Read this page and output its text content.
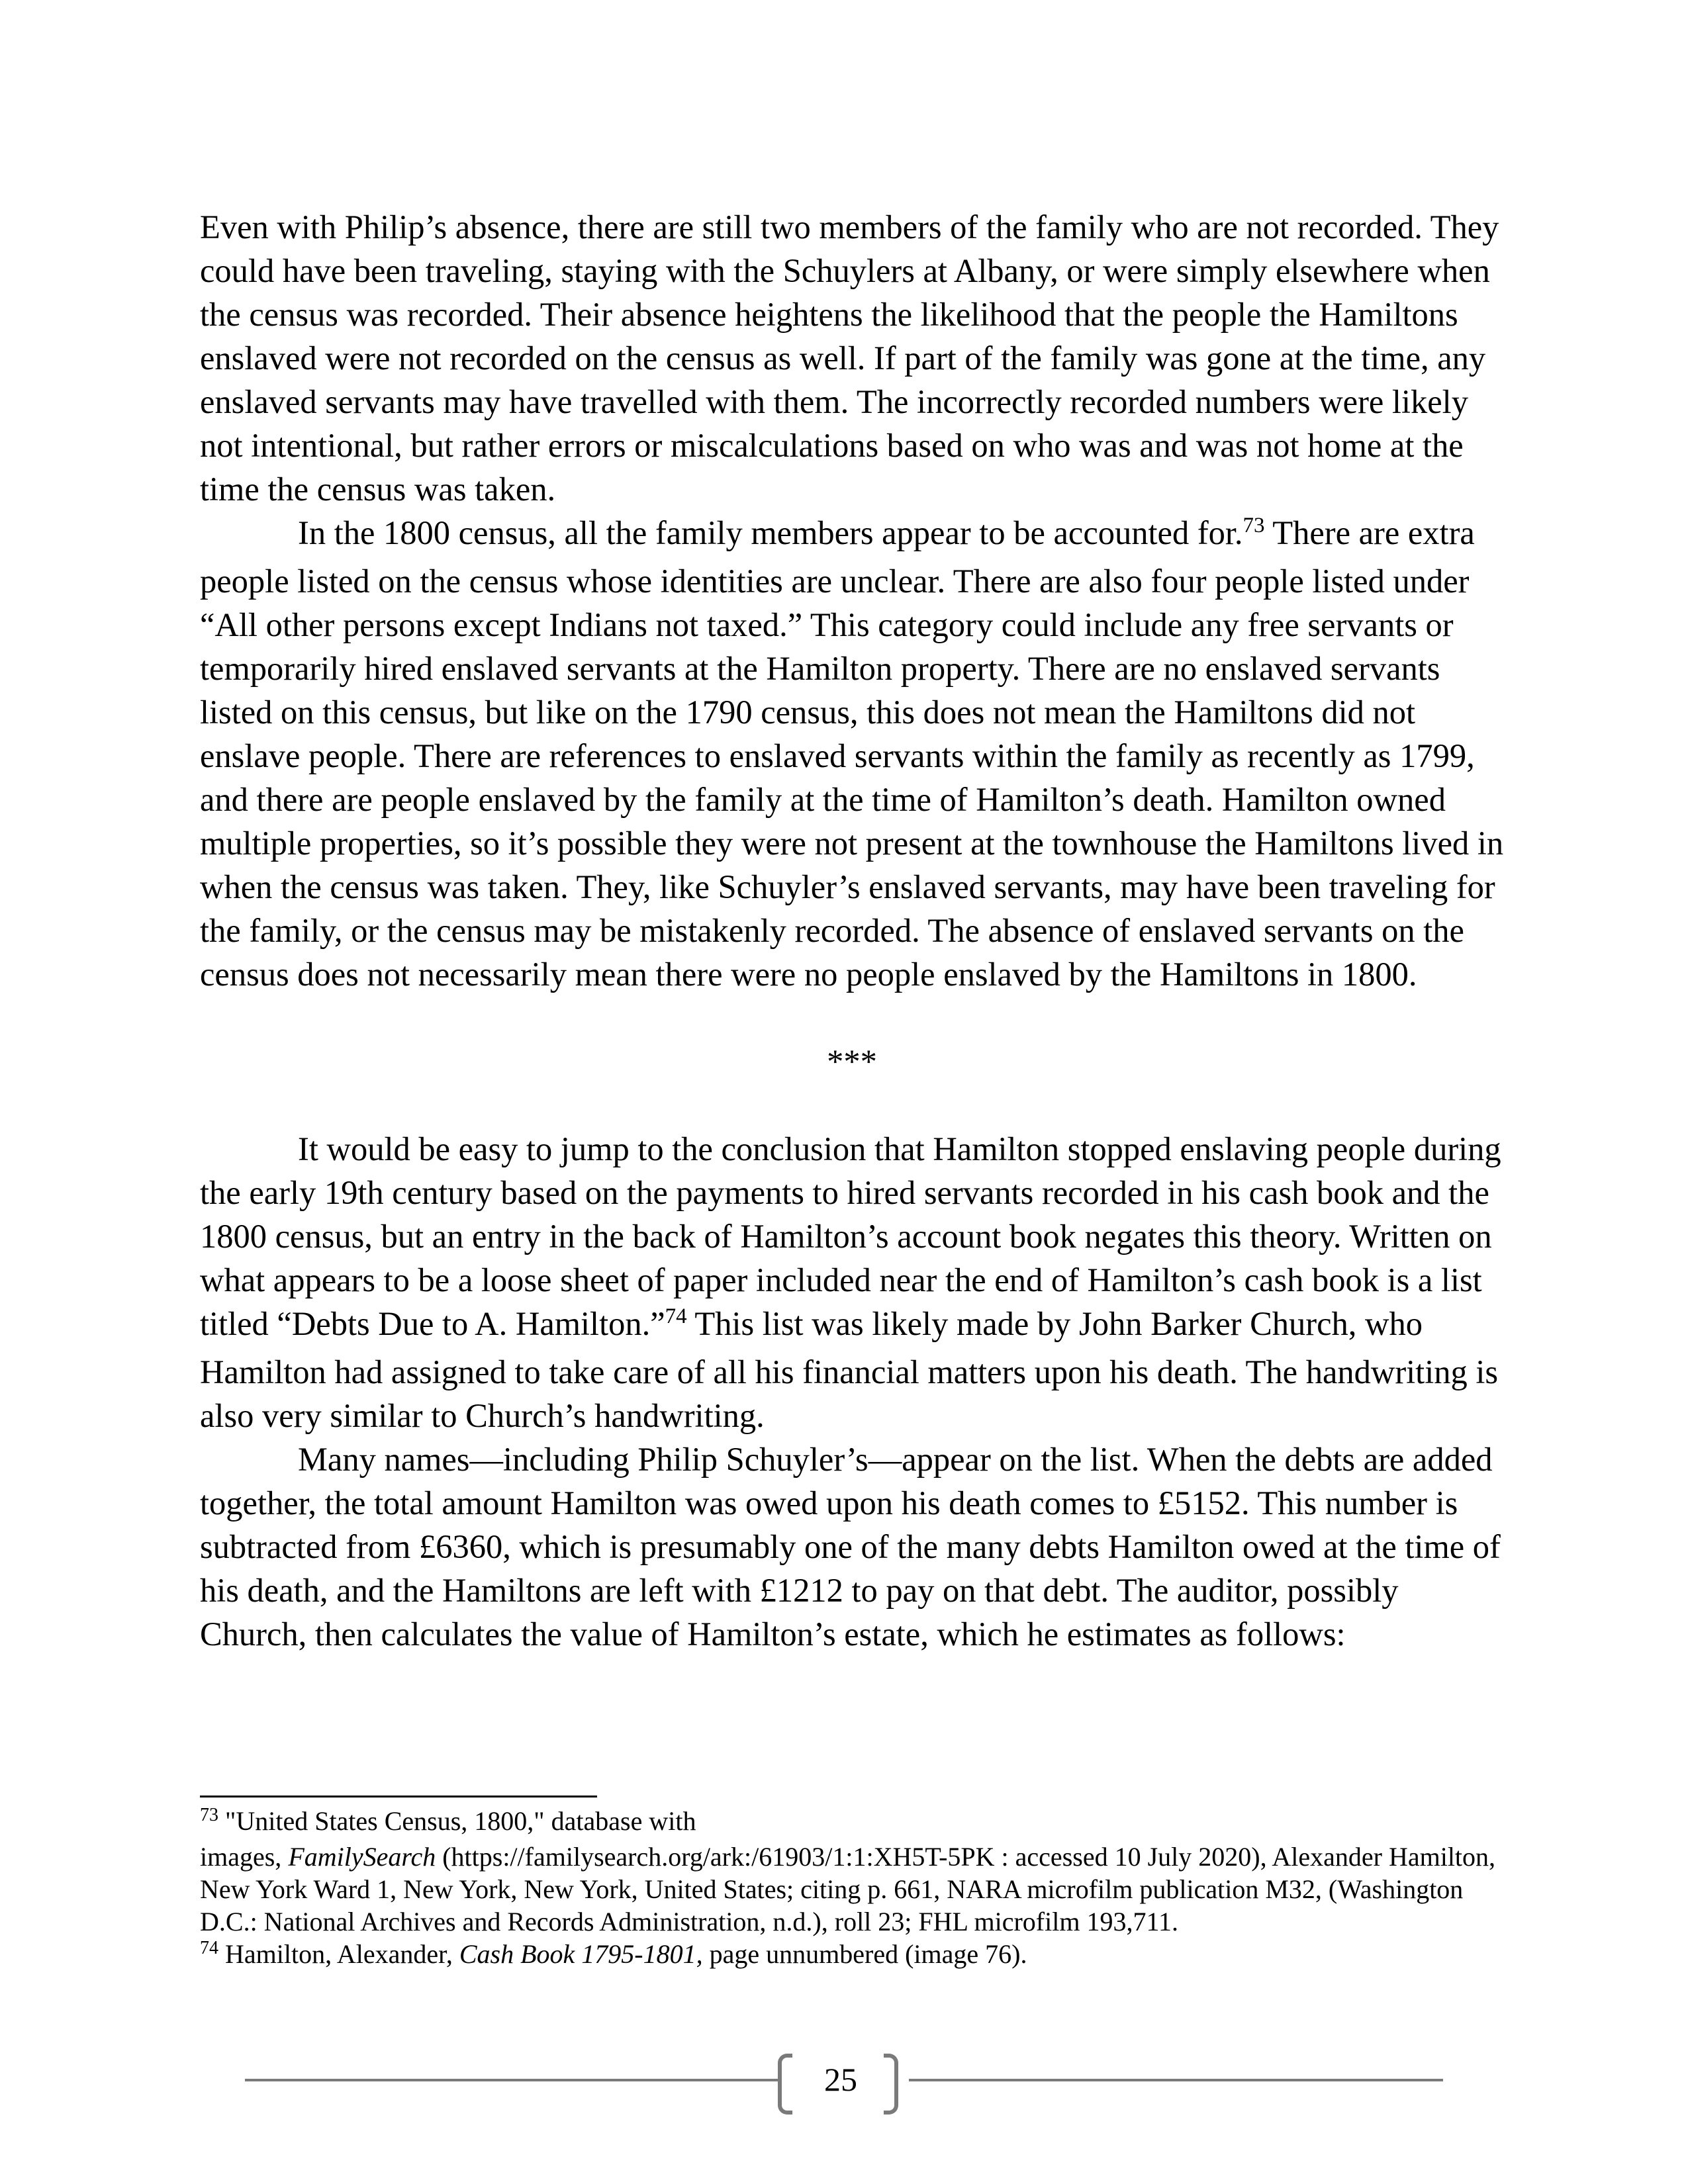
Even with Philip’s absence, there are still two members of the family who are not recorded. They could have been traveling, staying with the Schuylers at Albany, or were simply elsewhere when the census was recorded. Their absence heightens the likelihood that the people the Hamiltons enslaved were not recorded on the census as well. If part of the family was gone at the time, any enslaved servants may have travelled with them. The incorrectly recorded numbers were likely not intentional, but rather errors or miscalculations based on who was and was not home at the time the census was taken.

In the 1800 census, all the family members appear to be accounted for.$^{73}$ There are extra people listed on the census whose identities are unclear. There are also four people listed under “All other persons except Indians not taxed.” This category could include any free servants or temporarily hired enslaved servants at the Hamilton property. There are no enslaved servants listed on this census, but like on the 1790 census, this does not mean the Hamiltons did not enslave people. There are references to enslaved servants within the family as recently as 1799, and there are people enslaved by the family at the time of Hamilton’s death. Hamilton owned multiple properties, so it’s possible they were not present at the townhouse the Hamiltons lived in when the census was taken. They, like Schuyler’s enslaved servants, may have been traveling for the family, or the census may be mistakenly recorded. The absence of enslaved servants on the census does not necessarily mean there were no people enslaved by the Hamiltons in 1800.

***

It would be easy to jump to the conclusion that Hamilton stopped enslaving people during the early 19th century based on the payments to hired servants recorded in his cash book and the 1800 census, but an entry in the back of Hamilton’s account book negates this theory. Written on what appears to be a loose sheet of paper included near the end of Hamilton’s cash book is a list titled “Debts Due to A. Hamilton.”$^{74}$ This list was likely made by John Barker Church, who Hamilton had assigned to take care of all his financial matters upon his death. The handwriting is also very similar to Church’s handwriting.

Many names—including Philip Schuyler’s—appear on the list. When the debts are added together, the total amount Hamilton was owed upon his death comes to £5152. This number is subtracted from £6360, which is presumably one of the many debts Hamilton owed at the time of his death, and the Hamiltons are left with £1212 to pay on that debt. The auditor, possibly Church, then calculates the value of Hamilton’s estate, which he estimates as follows:

$^{73}$ "United States Census, 1800," database with

images, FamilySearch (https://familysearch.org/ark:/61903/1:1:XH5T-5PK : accessed 10 July 2020), Alexander Hamilton, New York Ward 1, New York, New York, United States; citing p. 661, NARA microfilm publication M32, (Washington D.C.: National Archives and Records Administration, n.d.), roll 23; FHL microfilm 193,711.

$^{74}$ Hamilton, Alexander, Cash Book 1795-1801, page unnumbered (image 76).

25
